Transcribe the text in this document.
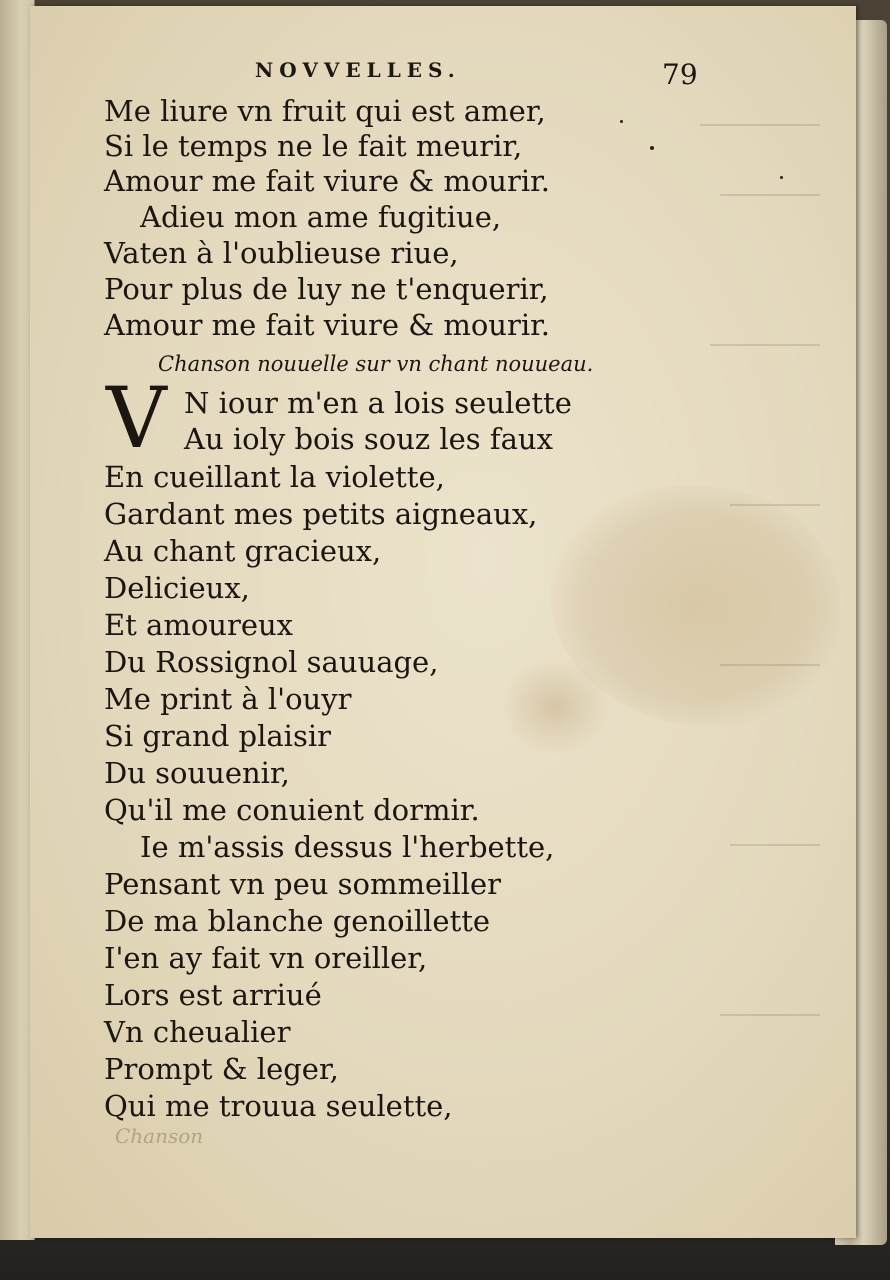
NOVVELLES.	79
Me liure vn fruit qui est amer,
Si le temps ne le fait meurir,
Amour me fait viure & mourir.
Adieu mon ame fugitiue,
Vaten à l'oublieuse riue,
Pour plus de luy ne t'enquerir,
Amour me fait viure & mourir.
Chanson nouuelle sur vn chant nouueau.
V N iour m'en a lois seulette
Au ioly bois souz les faux
En cueillant la violette,
Gardant mes petits aigneaux,
Au chant gracieux,
Delicieux,
Et amoureux
Du Rossignol sauuage,
Me print à l'ouyr
Si grand plaisir
Du souuenir,
Qu'il me conuient dormir.
Ie m'assis dessus l'herbette,
Pensant vn peu sommeiller
De ma blanche genoillette
I'en ay fait vn oreiller,
Lors est arriué
Vn cheualier
Prompt & leger,
Qui me trouua seulette,
Chanson
